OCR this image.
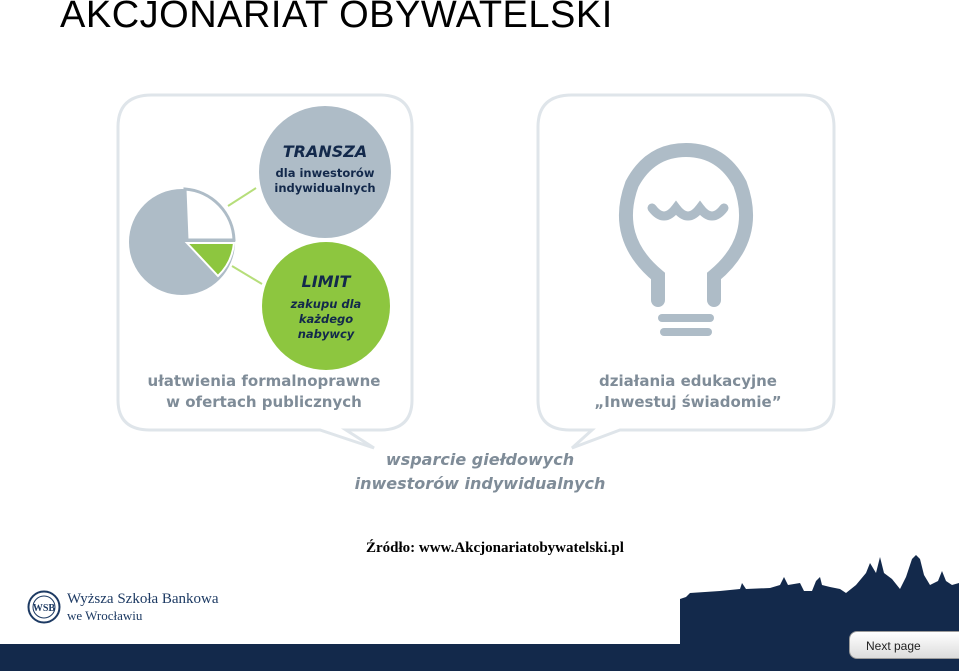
AKCJONARIAT OBYWATELSKI
TRANSZA
dla inwestorów
indywidualnych
LIMIT
zakupu dla
każdego
nabywcy
ułatwienia formalnoprawne
w ofertach publicznych
działania edukacyjne
„Inwestuj świadomie”
wsparcie giełdowych
inwestorów indywidualnych
Źródło: www.Akcjonariatobywatelski.pl
WSB
Wyższa Szkoła Bankowa
we Wrocławiu
Next page
